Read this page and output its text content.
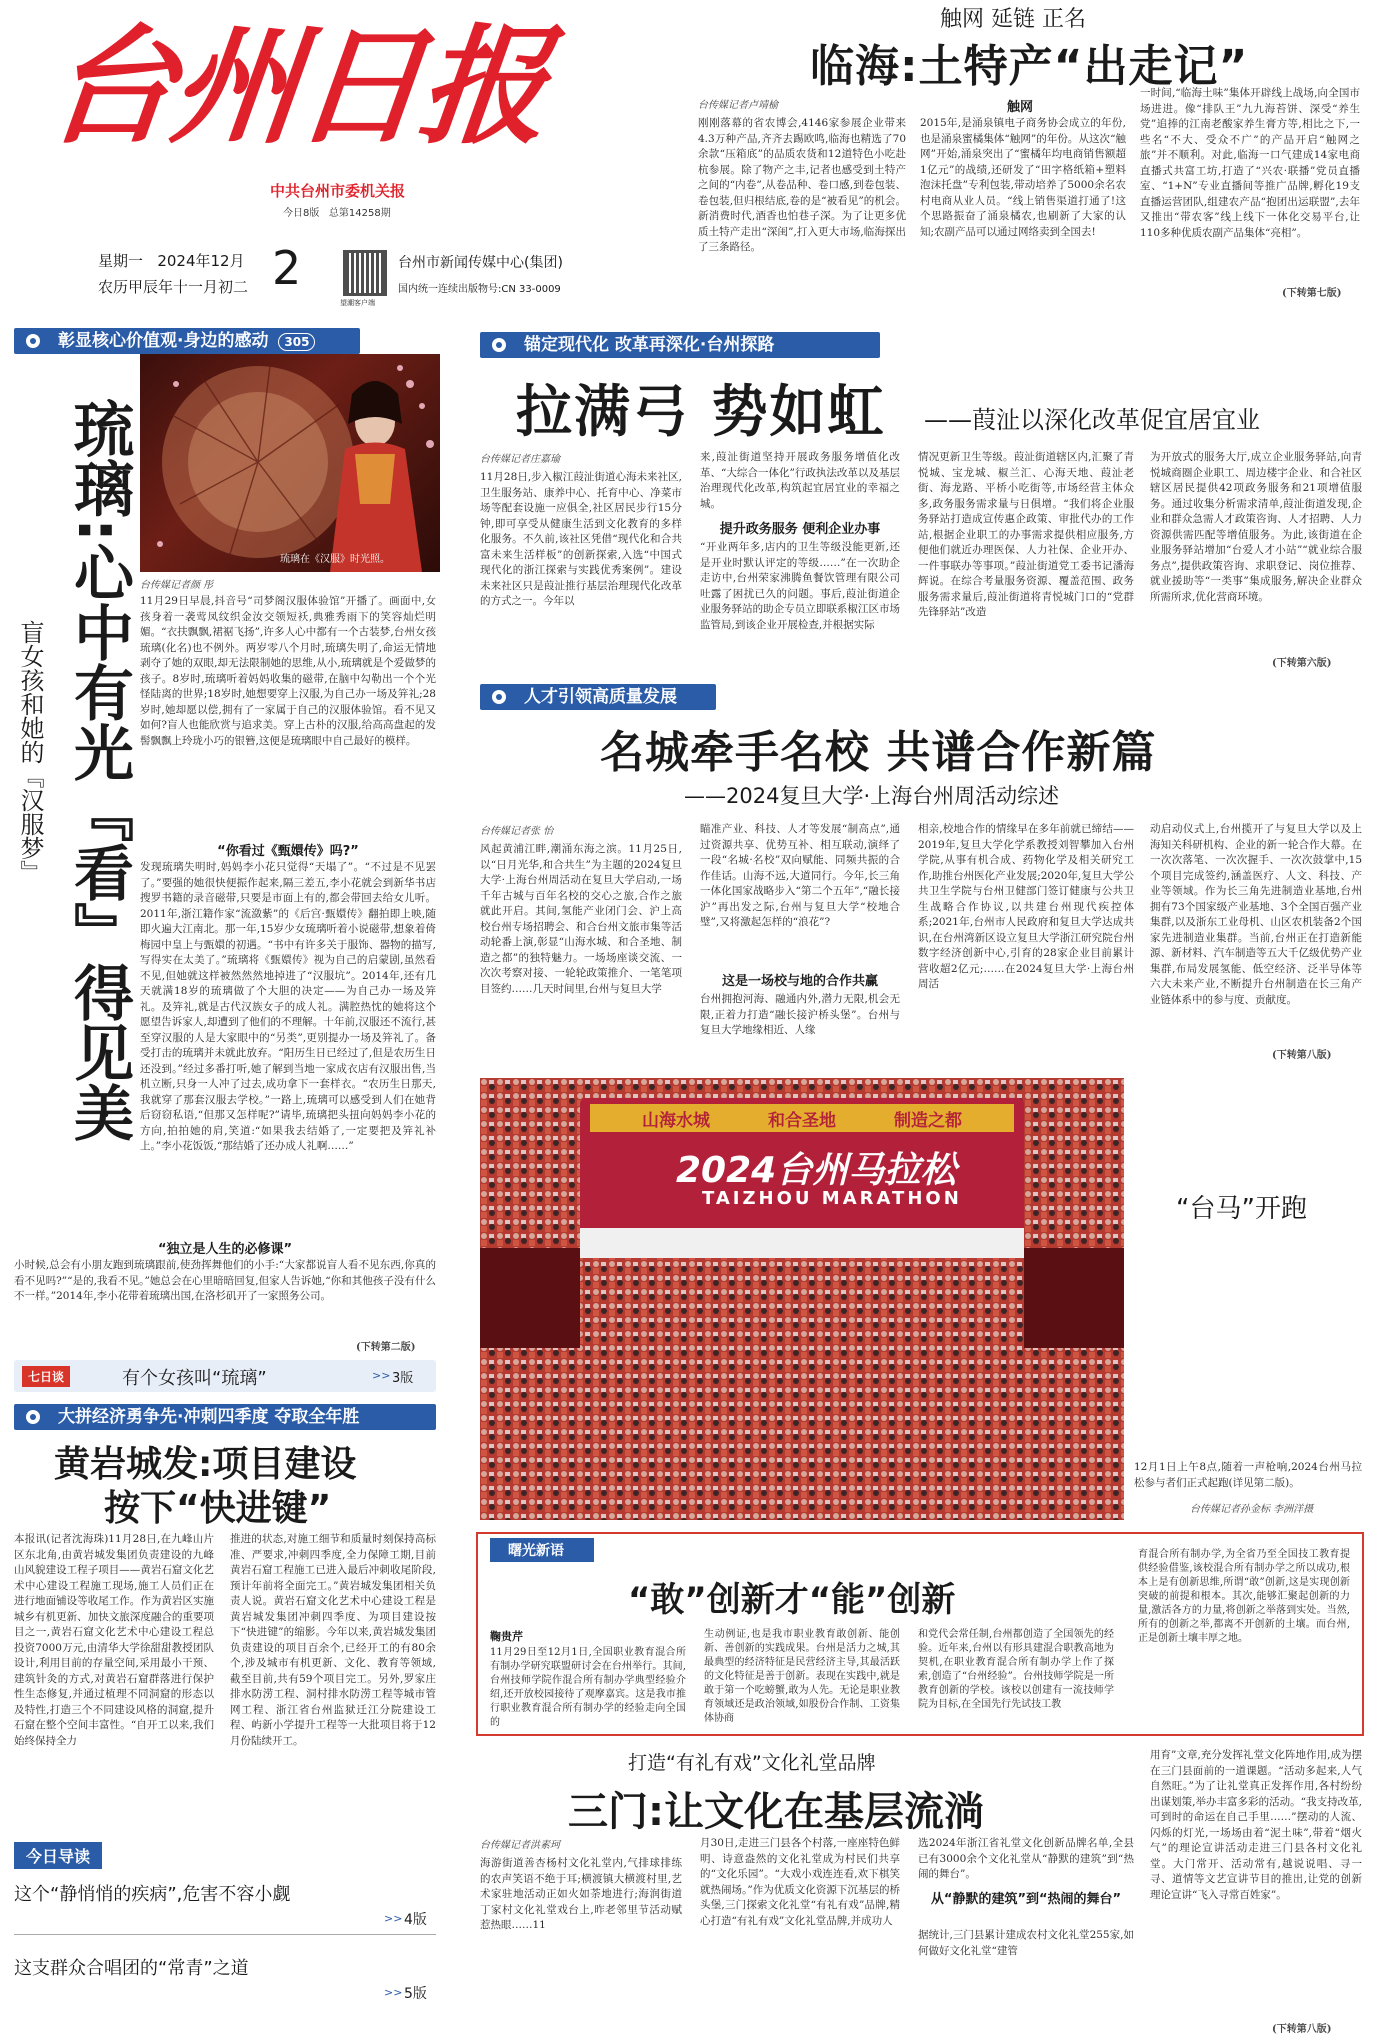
台州日报
中共台州市委机关报
今日8版 总第14258期
星期一 2024年12月
农历甲辰年十一月初二 2
望潮客户端
台州市新闻传媒中心(集团)
国内统一连续出版物号:CN 33-0009
触网 延链 正名
临海:土特产“出走记”
台传媒记者卢靖榆
刚刚落幕的省农博会,4146家参展企业带来4.3万种产品,齐齐去踢欧鸣,临海也精选了70余款“压箱底”的品质农货和12道特色小吃赴杭参展。除了物产之丰,记者也感受到土特产之间的“内卷”,从卷品种、卷口感,到卷包装、卷包装,但归根结底,卷的是“被看见”的机会。新消费时代,酒香也怕巷子深。为了让更多优质土特产走出“深闺”,打入更大市场,临海探出了三条路径。
触网
2015年,是涌泉镇电子商务协会成立的年份,也是涌泉蜜橘集体“触网”的年份。从这次“触网”开始,涌泉突出了“蜜橘年均电商销售额超1亿元”的战绩,还研发了“田字格纸箱+塑料泡沫托盘”专利包装,带动培养了5000余名农村电商从业人员。“线上销售渠道打通了!这个思路振奋了涌泉橘农,也刷新了大家的认知;农副产品可以通过网络卖到全国去!
一时间,“临海土味”集体开辟线上战场,向全国市场进进。像“排队王”九九海苔饼、深受“养生党”追捧的江南老酸家养生膏方等,相比之下,一些名“不大、受众不广”的产品开启“触网之旅”并不顺利。对此,临海一口气建成14家电商直播式共富工坊,打造了“兴农·联播”党员直播室、“1+N”专业直播间等推广品牌,孵化19支直播运营团队,组建农产品“抱团出运联盟”,去年又推出“带农客”线上线下一体化交易平台,让110多种优质农副产品集体“亮相”。
(下转第七版)
彰显核心价值观·身边的感动 305
琉璃:心中有光『看』得见美
盲女孩和她的『汉服梦』
琉璃在《汉服》时光照。
台传媒记者颜 彤
11月29日早晨,抖音号“司梦阁汉服体验馆”开播了。画面中,女孩身着一袭莺凤纹织金汝交领短袄,典雅秀雨下的笑容灿烂明媚。“衣扶飘飘,裙裾飞扬”,许多人心中都有一个古装梦,台州女孩琉璃(化名)也不例外。两岁零八个月时,琉璃失明了,命运无情地剥夺了她的双眼,却无法限制她的思维,从小,琉璃就是个爱做梦的孩子。8岁时,琉璃听着妈妈收集的磁带,在脑中勾勒出一个个光怪陆离的世界;18岁时,她想要穿上汉服,为自己办一场及笄礼;28岁时,她却愿以偿,拥有了一家属于自己的汉服体验馆。看不见又如何?盲人也能欣赏与追求美。穿上古朴的汉服,给高高盘起的发髻飘飘上玲珑小巧的银簪,这便是琉璃眼中自己最好的模样。
“你看过《甄嬛传》吗?”
发现琉璃失明时,妈妈李小花只觉得“天塌了”。“不过是不见罢了。”要强的她很快便振作起来,隔三差五,李小花就会到新华书店搜罗书籍的录音磁带,只要是市面上有的,都会带回去给女儿听。2011年,浙江籍作家“流潋紫”的《后宫·甄嬛传》翻拍即上映,随即火遍大江南北。那一年,15岁少女琉璃听着小说磁带,想象着倚梅园中皇上与甄嬛的初遇。“书中有许多关于服饰、器物的描写,写得实在太美了。”琉璃将《甄嬛传》视为自己的启蒙剧,虽然看不见,但她就这样被然然然地掉进了“汉服坑”。2014年,还有几天就满18岁的琉璃做了个大胆的决定——为自己办一场及笄礼。及笄礼,就是古代汉族女子的成人礼。满腔热忱的她将这个愿望告诉家人,却遭到了他们的不理解。十年前,汉服还不流行,甚至穿汉服的人是大家眼中的“另类”,更别提办一场及笄礼了。备受打击的琉璃并未就此放弃。“阳历生日已经过了,但是农历生日还没到。”经过多番打听,她了解到当地一家成衣店有汉服出售,当机立断,只身一人冲了过去,成功拿下一套样衣。“农历生日那天,我就穿了那套汉服去学校。”一路上,琉璃可以感受到人们在她背后窃窃私语,“但那又怎样呢?”请毕,琉璃把头扭向妈妈李小花的方向,拍拍她的肩,笑道:“如果我去结婚了,一定要把及笄礼补上。”李小花饭饭,“那结婚了还办成人礼啊……”
“独立是人生的必修课”
小时候,总会有小朋友跑到琉璃跟前,使劲挥舞他们的小手:“大家都说盲人看不见东西,你真的看不见吗?”“是的,我看不见。”她总会在心里暗暗回复,但家人告诉她,“你和其他孩子没有什么不一样。”2014年,李小花带着琉璃出国,在洛杉矶开了一家照务公司。
(下转第二版)
七日谈	有个女孩叫“琉璃”	>> 3版
大拼经济勇争先·冲刺四季度 夺取全年胜
黄岩城发:项目建设
按下“快进键”
本报讯(记者沈海珠)11月28日,在九峰山片区东北角,由黄岩城发集团负责建设的九峰山风貌建设工程子项目——黄岩石窟文化艺术中心建设工程施工现场,施工人员们正在进行地面铺设等收尾工作。作为黄岩区实施城乡有机更新、加快文旅深度融合的重要项目之一,黄岩石窟文化艺术中心建设工程总投资7000万元,由清华大学徐甜甜教授团队设计,利用目前的存量空间,采用最小干预、建筑针灸的方式,对黄岩石窟群落进行保护性生态修复,并通过植理不同洞窟的形态以及特性,打造三个不同建设风格的洞窟,提升石窟在整个空间丰富性。“自开工以来,我们始终保持全力
推进的状态,对施工细节和质量时刻保持高标准、严要求,冲刺四季度,全力保障工期,目前黄岩石窟工程施工已进入最后冲刺收尾阶段,预计年前将全面完工。”黄岩城发集团相关负责人说。黄岩石窟文化艺术中心建设工程是黄岩城发集团冲刺四季度、为项目建设按下“快进键”的缩影。今年以来,黄岩城发集团负责建设的项目百余个,已经开工的有80余个,涉及城市有机更新、文化、教育等领域,截至目前,共有59个项目完工。另外,罗家庄排水防涝工程、洞村排水防涝工程等城市管网工程、浙江省台州监狱迁江分院建设工程、屿新小学提升工程等一大批项目将于12月份陆续开工。
今日导读
这个“静悄悄的疾病”,危害不容小觑
>> 4版
这支群众合唱团的“常青”之道
>> 5版
锚定现代化 改革再深化·台州探路
拉满弓 势如虹 ——葭沚以深化改革促宜居宜业
台传媒记者庄嘉瑜
11月28日,步入椒江葭沚街道心海未来社区,卫生服务站、康养中心、托育中心、净菜市场等配套设施一应俱全,社区居民步行15分钟,即可享受从健康生活到文化教育的多样化服务。不久前,该社区凭借“现代化和合共富未来生活样板”的创新探索,入选“中国式现代化的浙江探索与实践优秀案例”。建设未来社区只是葭沚推行基层治理现代化改革的方式之一。今年以
来,葭沚街道坚持开展政务服务增值化改革、“大综合一体化”行政执法改革以及基层治理现代化改革,构筑起宜居宜业的幸福之城。
提升政务服务 便利企业办事
“开业两年多,店内的卫生等级没能更新,还是开业时默认评定的等级……”在一次助企走访中,台州荣家沸腾鱼餐饮管理有限公司吐露了困扰已久的问题。事后,葭沚街道企业服务驿站的助企专员立即联系椒江区市场监管局,到该企业开展检查,并根据实际
情况更新卫生等级。葭沚街道辖区内,汇聚了青悦城、宝龙城、椒兰汇、心海天地、葭沚老街、海龙路、平桥小吃街等,市场经营主体众多,政务服务需求量与日俱增。“我们将企业服务驿站打造成宣传惠企政策、审批代办的工作站,根据企业职工的办事需求提供相应服务,方便他们就近办理医保、人力社保、企业开办、一件事联办等事项。”葭沚街道党工委书记潘海辉说。在综合考量服务资源、覆盖范围、政务服务需求量后,葭沚街道将青悦城门口的“党群先锋驿站”改造
为开放式的服务大厅,成立企业服务驿站,向青悦城商圈企业职工、周边楼宇企业、和合社区辖区居民提供42项政务服务和21项增值服务。通过收集分析需求清单,葭沚街道发现,企业和群众急需人才政策咨询、人才招聘、人力资源供需匹配等增值服务。为此,该街道在企业服务驿站增加“台爱人才小站”“就业综合服务点”,提供政策咨询、求职登记、岗位推荐、就业援助等“一类事”集成服务,解决企业群众所需所求,优化营商环境。
(下转第六版)
人才引领高质量发展
名城牵手名校 共谱合作新篇
——2024复旦大学·上海台州周活动综述
台传媒记者张 怡
风起黄浦江畔,潮涌东海之滨。11月25日,以“日月光华,和合共生”为主题的2024复旦大学·上海台州周活动在复旦大学启动,一场千年古城与百年名校的交心之旅,合作之旅就此开启。其间,氢能产业闭门会、沪上高校台州专场招聘会、和合台州文旅市集等活动轮番上演,彰显“山海水城、和合圣地、制造之都”的独特魅力。一场场座谈交流、一次次考察对接、一轮轮政策推介、一笔笔项目签约……几天时间里,台州与复旦大学
瞄准产业、科技、人才等发展“制高点”,通过资源共享、优势互补、相互联动,演绎了一段“名城·名校”双向赋能、同频共振的合作佳话。山海不远,大道同行。今年,长三角一体化国家战略步入“第二个五年”,“融长接沪”再出发之际,台州与复旦大学“校地合璧”,又将激起怎样的“浪花”?
这是一场校与地的合作共赢
台州拥抱河海、融通内外,潜力无限,机会无限,正着力打造“融长接沪桥头堡”。台州与复旦大学地缘相近、人缘
相亲,校地合作的情缘早在多年前就已缔结——2019年,复旦大学化学系教授刘智攀加入台州学院,从事有机合成、药物化学及相关研究工作,助推台州医化产业发展;2020年,复旦大学公共卫生学院与台州卫健部门签订健康与公共卫生战略合作协议,以共建台州现代疾控体系;2021年,台州市人民政府和复旦大学达成共识,在台州湾新区设立复旦大学浙江研究院台州数字经济创新中心,引育的28家企业目前累计营收超2亿元;……在2024复旦大学·上海台州周活
动启动仪式上,台州揽开了与复旦大学以及上海知关科研机构、企业的新一轮合作大幕。在一次次落笔、一次次握手、一次次鼓掌中,15个项目完成签约,涵盖医疗、人文、科技、产业等领域。作为长三角先进制造业基地,台州拥有73个国家级产业基地、3个全国百强产业集群,以及浙东工业母机、山区农机装备2个国家先进制造业集群。当前,台州正在打造新能源、新材料、汽车制造等五大千亿级优势产业集群,布局发展氢能、低空经济、泛半导体等六大未来产业,不断提升台州制造在长三角产业链体系中的参与度、贡献度。
(下转第八版)
山海水城	和合圣地	制造之都
2024台州马拉松
TAIZHOU MARATHON	“台马”开跑
12月1日上午8点,随着一声枪响,2024台州马拉松参与者们正式起跑(详见第二版)。
台传媒记者孙金标 李洲洋摄
曙光新语
“敢”创新才“能”创新
鞠贵芹
11月29日至12月1日,全国职业教育混合所有制办学研究联盟研讨会在台州举行。其间,台州技师学院作混合所有制办学典型经验介绍,还开放校园接待了观摩嘉宾。这是我市推行职业教育混合所有制办学的经验走向全国的
生动例证,也是我市职业教育敢创新、能创新、善创新的实践成果。台州是活力之城,其最典型的经济特征是民营经济主导,其最活跃的文化特征是善于创新。表现在实践中,就是敢于第一个吃螃蟹,敢为人先。无论是职业教育领域还是政治领域,如股份合作制、工资集体协商
和党代会常任制,台州都创造了全国领先的经验。近年来,台州以有形具建混合职教高地为契机,在职业教育混合所有制办学上作了探索,创造了“台州经验”。台州技师学院是一所教育创新的学校。该校以创建有一流技师学院为目标,在全国先行先试技工教
育混合所有制办学,为全省乃至全国技工教育提供经验借鉴,该校混合所有制办学之所以成功,根本上是有创新思维,所谓“敢”创新,这是实现创新突破的前提和根本。其次,能够汇聚起创新的力量,激活各方的力量,将创新之举落到实处。当然,所有的创新之举,都离不开创新的土壤。而台州,正是创新土壤丰厚之地。
打造“有礼有戏”文化礼堂品牌
三门:让文化在基层流淌
台传媒记者洪素珂
海游街道善杏杨村文化礼堂内,气排球排练的农声笑语不绝于耳;横渡镇大横渡村里,艺术家驻地活动正如火如荼地进行;海润街道丁家村文化礼堂戏台上,昨老邻里节活动赋惹热眼……11
月30日,走进三门县各个村落,一座座特色鲜明、诗意盎然的文化礼堂成为村民们共享的“文化乐园”。“大戏小戏连连看,欢下棋笑就热闹场。”作为优质文化资源下沉基层的桥头堡,三门探索文化礼堂“有礼有戏”品牌,精心打造“有礼有戏”文化礼堂品牌,并成功人
选2024年浙江省礼堂文化创新品牌名单,全县已有3000余个文化礼堂从“静默的建筑”到“热闹的舞台”。
从“静默的建筑”到“热闹的舞台”
据统计,三门县累计建成农村文化礼堂255家,如何做好文化礼堂“建管
用育”文章,充分发挥礼堂文化阵地作用,成为摆在三门县面前的一道课题。“活动多起来,人气自然旺。”为了让礼堂真正发挥作用,各村纷纷出谋划策,举办丰富多彩的活动。“我支持改革,可到时的命运在自己手里……”摆动的人流、闪烁的灯光,一场场由着“泥土味”,带着“烟火气”的理论宣讲活动走进三门县各村文化礼堂。大门常开、活动常有,越说说唱、寻一寻、道情等文艺宣讲节目的推出,让党的创新理论宣讲“飞入寻常百姓家”。
(下转第八版)
